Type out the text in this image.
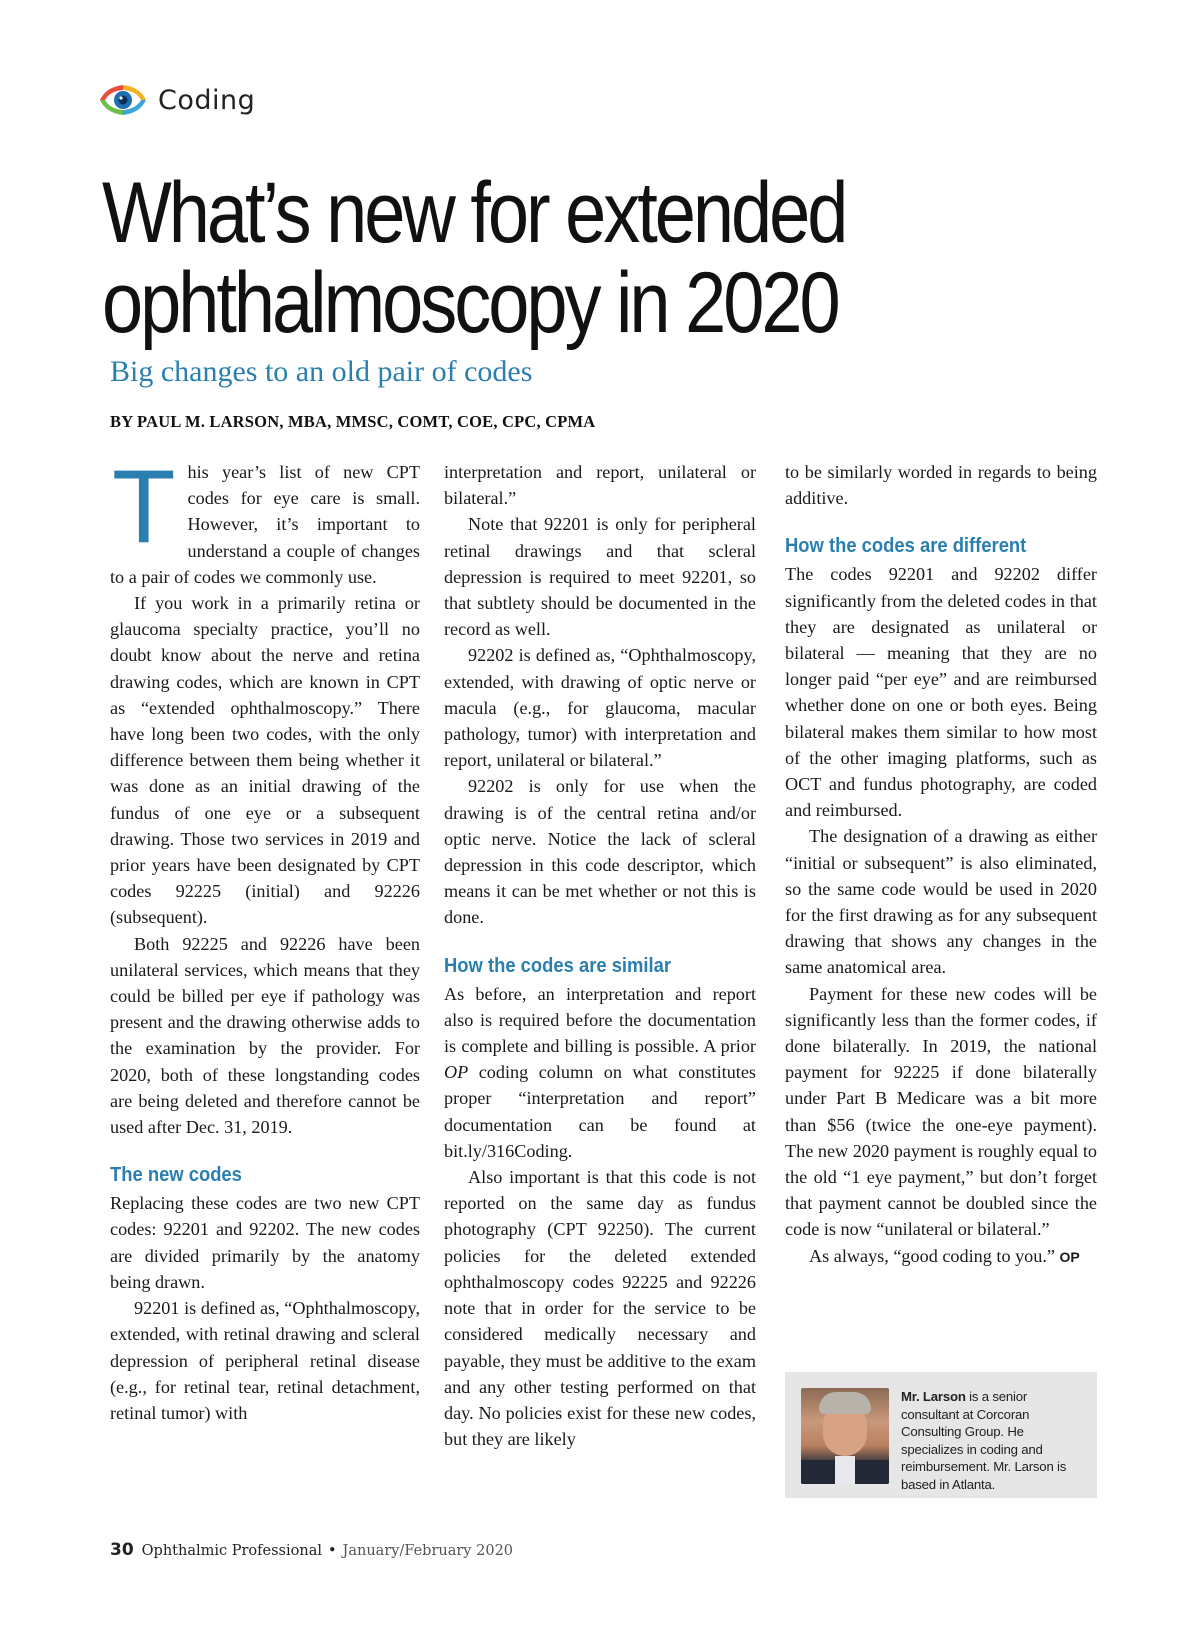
Coding
What’s new for extended
ophthalmoscopy in 2020
Big changes to an old pair of codes
BY PAUL M. LARSON, MBA, MMSC, COMT, COE, CPC, CPMA
T his year’s list of new CPT codes for eye care is small. However, it’s important to understand a couple of changes to a pair of codes we commonly use.

If you work in a primarily retina or glaucoma specialty practice, you’ll no doubt know about the nerve and retina drawing codes, which are known in CPT as “extended ophthalmoscopy.” There have long been two codes, with the only difference between them being whether it was done as an initial drawing of the fundus of one eye or a subsequent drawing. Those two services in 2019 and prior years have been designated by CPT codes 92225 (initial) and 92226 (subsequent).

Both 92225 and 92226 have been unilateral services, which means that they could be billed per eye if pathology was present and the drawing otherwise adds to the examination by the provider. For 2020, both of these longstanding codes are being deleted and therefore cannot be used after Dec. 31, 2019.

The new codes

Replacing these codes are two new CPT codes: 92201 and 92202. The new codes are divided primarily by the anatomy being drawn.

92201 is defined as, “Ophthalmoscopy, extended, with retinal drawing and scleral depression of peripheral retinal disease (e.g., for retinal tear, retinal detachment, retinal tumor) with

interpretation and report, unilateral or bilateral.”

Note that 92201 is only for peripheral retinal drawings and that scleral depression is required to meet 92201, so that subtlety should be documented in the record as well.

92202 is defined as, “Ophthalmoscopy, extended, with drawing of optic nerve or macula (e.g., for glaucoma, macular pathology, tumor) with interpretation and report, unilateral or bilateral.”

92202 is only for use when the drawing is of the central retina and/or optic nerve. Notice the lack of scleral depression in this code descriptor, which means it can be met whether or not this is done.

How the codes are similar

As before, an interpretation and report also is required before the documentation is complete and billing is possible. A prior OP coding column on what constitutes proper “interpretation and report” documentation can be found at bit.ly/316Coding.

Also important is that this code is not reported on the same day as fundus photography (CPT 92250). The current policies for the deleted extended ophthalmoscopy codes 92225 and 92226 note that in order for the service to be considered medically necessary and payable, they must be additive to the exam and any other testing performed on that day. No policies exist for these new codes, but they are likely

to be similarly worded in regards to being additive.

How the codes are different

The codes 92201 and 92202 differ significantly from the deleted codes in that they are designated as unilateral or bilateral — meaning that they are no longer paid “per eye” and are reimbursed whether done on one or both eyes. Being bilateral makes them similar to how most of the other imaging platforms, such as OCT and fundus photography, are coded and reimbursed.

The designation of a drawing as either “initial or subsequent” is also eliminated, so the same code would be used in 2020 for the first drawing as for any subsequent drawing that shows any changes in the same anatomical area.

Payment for these new codes will be significantly less than the former codes, if done bilaterally. In 2019, the national payment for 92225 if done bilaterally under Part B Medicare was a bit more than $56 (twice the one-eye payment). The new 2020 payment is roughly equal to the old “1 eye payment,” but don’t forget that payment cannot be doubled since the code is now “unilateral or bilateral.”

As always, “good coding to you.” OP

Mr. Larson is a senior consultant at Corcoran Consulting Group. He specializes in coding and reimbursement. Mr. Larson is based in Atlanta.
30 Ophthalmic Professional • January/February 2020
